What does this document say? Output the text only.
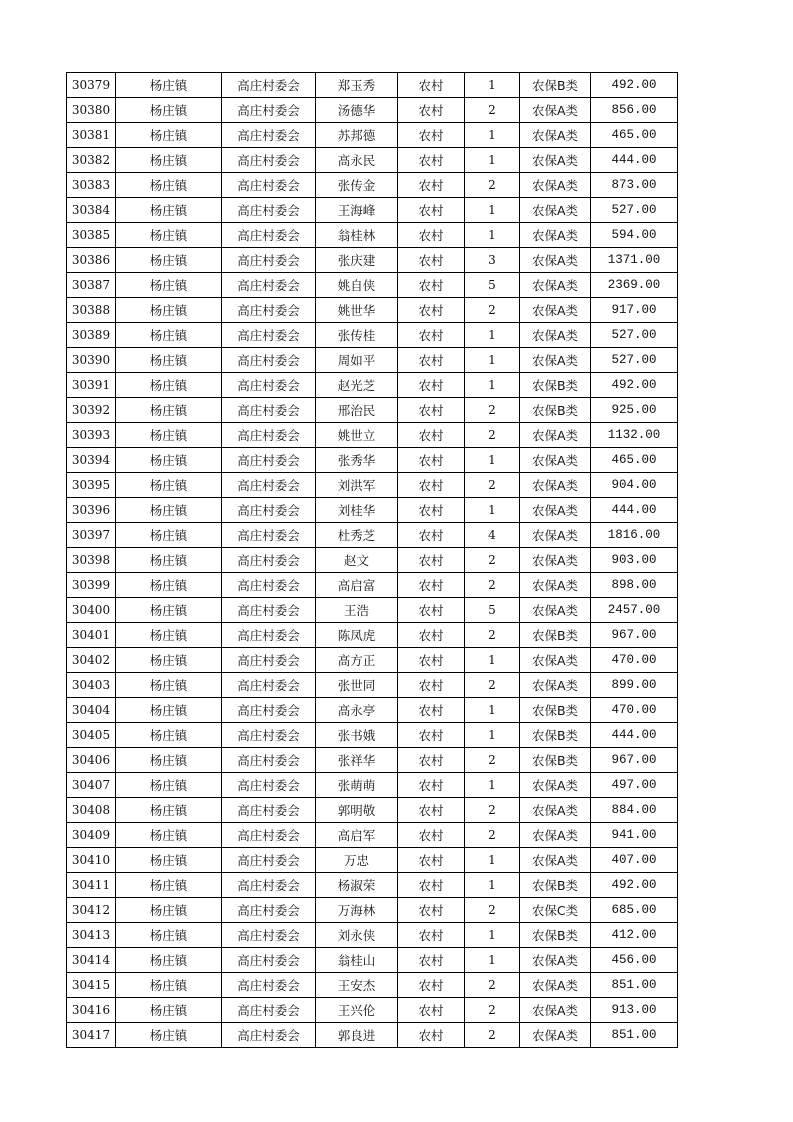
30379	杨庄镇	高庄村委会	郑玉秀	农村	1	农保B类	492.00
30380	杨庄镇	高庄村委会	汤德华	农村	2	农保A类	856.00
30381	杨庄镇	高庄村委会	苏邦德	农村	1	农保A类	465.00
30382	杨庄镇	高庄村委会	高永民	农村	1	农保A类	444.00
30383	杨庄镇	高庄村委会	张传金	农村	2	农保A类	873.00
30384	杨庄镇	高庄村委会	王海峰	农村	1	农保A类	527.00
30385	杨庄镇	高庄村委会	翁桂林	农村	1	农保A类	594.00
30386	杨庄镇	高庄村委会	张庆建	农村	3	农保A类	1371.00
30387	杨庄镇	高庄村委会	姚自侠	农村	5	农保A类	2369.00
30388	杨庄镇	高庄村委会	姚世华	农村	2	农保A类	917.00
30389	杨庄镇	高庄村委会	张传桂	农村	1	农保A类	527.00
30390	杨庄镇	高庄村委会	周如平	农村	1	农保A类	527.00
30391	杨庄镇	高庄村委会	赵光芝	农村	1	农保B类	492.00
30392	杨庄镇	高庄村委会	邢治民	农村	2	农保B类	925.00
30393	杨庄镇	高庄村委会	姚世立	农村	2	农保A类	1132.00
30394	杨庄镇	高庄村委会	张秀华	农村	1	农保A类	465.00
30395	杨庄镇	高庄村委会	刘洪军	农村	2	农保A类	904.00
30396	杨庄镇	高庄村委会	刘桂华	农村	1	农保A类	444.00
30397	杨庄镇	高庄村委会	杜秀芝	农村	4	农保A类	1816.00
30398	杨庄镇	高庄村委会	赵文	农村	2	农保A类	903.00
30399	杨庄镇	高庄村委会	高启富	农村	2	农保A类	898.00
30400	杨庄镇	高庄村委会	王浩	农村	5	农保A类	2457.00
30401	杨庄镇	高庄村委会	陈凤虎	农村	2	农保B类	967.00
30402	杨庄镇	高庄村委会	高方正	农村	1	农保A类	470.00
30403	杨庄镇	高庄村委会	张世同	农村	2	农保A类	899.00
30404	杨庄镇	高庄村委会	高永亭	农村	1	农保B类	470.00
30405	杨庄镇	高庄村委会	张书娥	农村	1	农保B类	444.00
30406	杨庄镇	高庄村委会	张祥华	农村	2	农保B类	967.00
30407	杨庄镇	高庄村委会	张萌萌	农村	1	农保A类	497.00
30408	杨庄镇	高庄村委会	郭明敬	农村	2	农保A类	884.00
30409	杨庄镇	高庄村委会	高启军	农村	2	农保A类	941.00
30410	杨庄镇	高庄村委会	万忠	农村	1	农保A类	407.00
30411	杨庄镇	高庄村委会	杨淑荣	农村	1	农保B类	492.00
30412	杨庄镇	高庄村委会	万海林	农村	2	农保C类	685.00
30413	杨庄镇	高庄村委会	刘永侠	农村	1	农保B类	412.00
30414	杨庄镇	高庄村委会	翁桂山	农村	1	农保A类	456.00
30415	杨庄镇	高庄村委会	王安杰	农村	2	农保A类	851.00
30416	杨庄镇	高庄村委会	王兴伦	农村	2	农保A类	913.00
30417	杨庄镇	高庄村委会	郭良进	农村	2	农保A类	851.00
